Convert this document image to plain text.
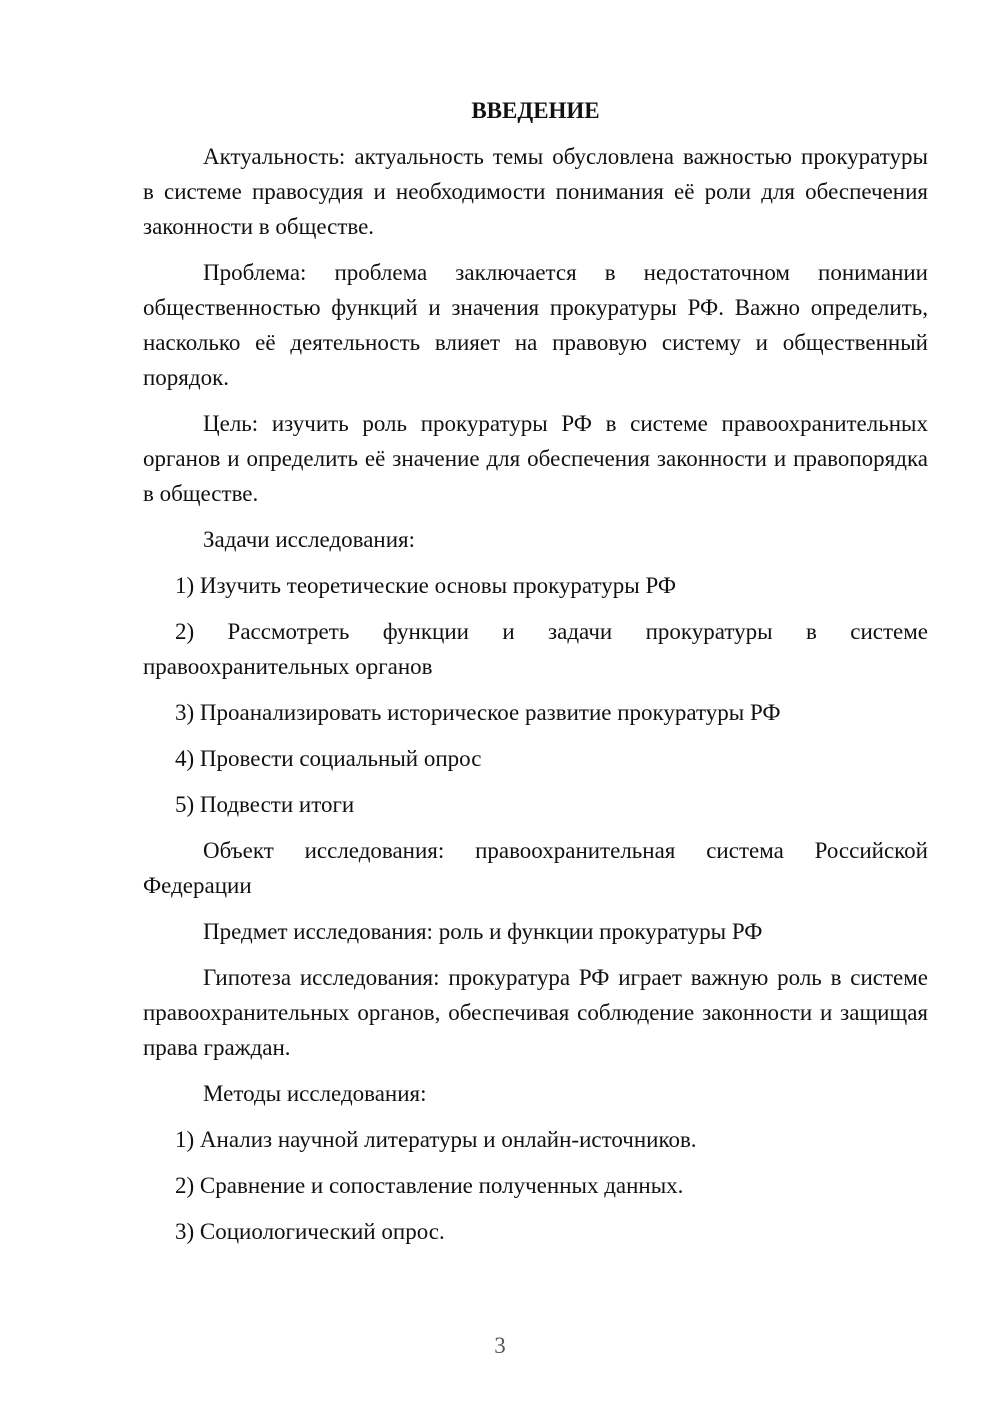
ВВЕДЕНИЕ

Актуальность: актуальность темы обусловлена важностью прокуратуры в системе правосудия и необходимости понимания её роли для обеспечения законности в обществе.

Проблема: проблема заключается в недостаточном понимании общественностью функций и значения прокуратуры РФ. Важно определить, насколько её деятельность влияет на правовую систему и общественный порядок.

Цель: изучить роль прокуратуры РФ в системе правоохранительных органов и определить её значение для обеспечения законности и правопорядка в обществе.

Задачи исследования:

1) Изучить теоретические основы прокуратуры РФ

2) Рассмотреть функции и задачи прокуратуры в системе правоохранительных органов

3) Проанализировать историческое развитие прокуратуры РФ

4) Провести социальный опрос

5) Подвести итоги

Объект исследования: правоохранительная система Российской Федерации

Предмет исследования: роль и функции прокуратуры РФ

Гипотеза исследования: прокуратура РФ играет важную роль в системе правоохранительных органов, обеспечивая соблюдение законности и защищая права граждан.

Методы исследования:

1) Анализ научной литературы и онлайн-источников.

2) Сравнение и сопоставление полученных данных.

3) Социологический опрос.

3
